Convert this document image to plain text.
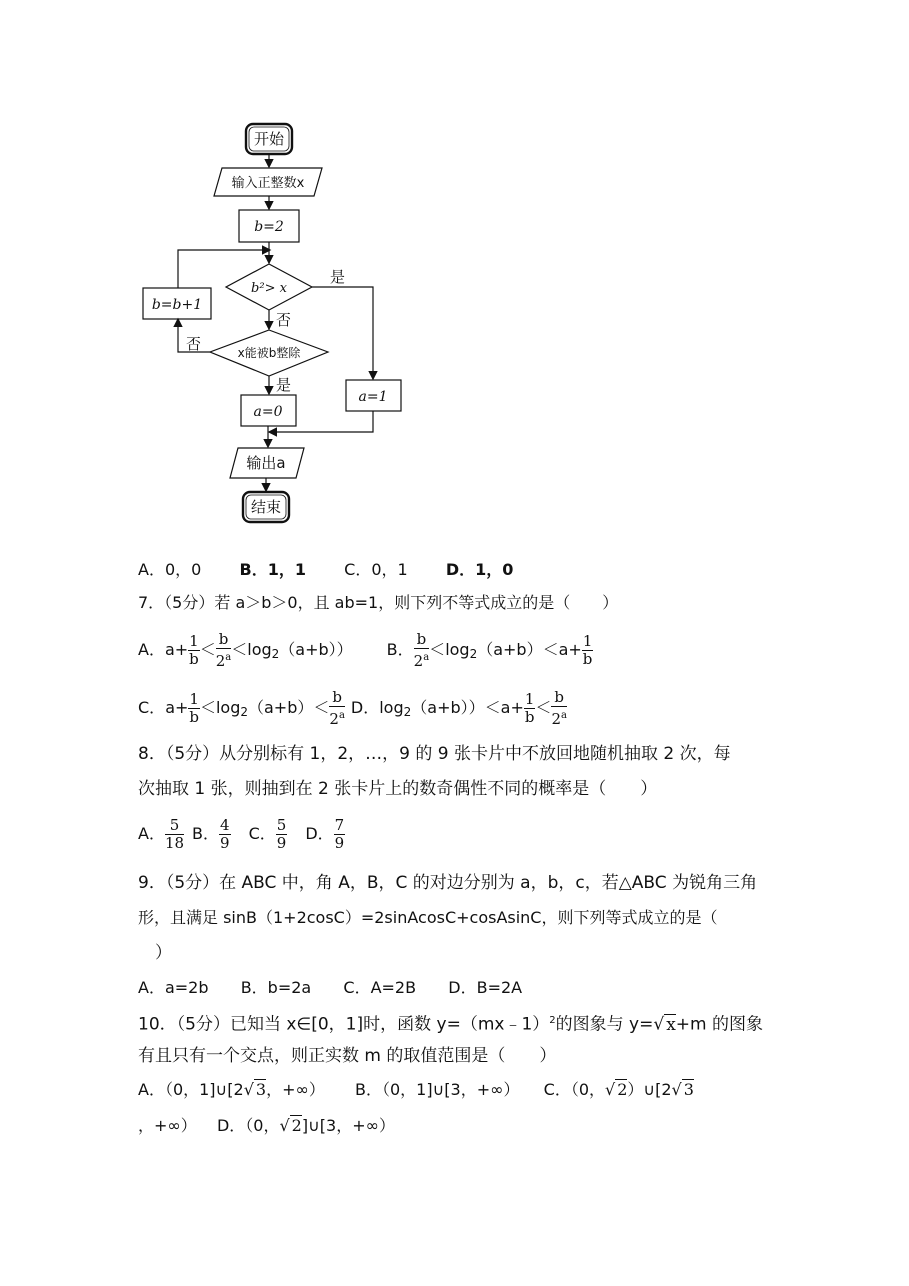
开始
输入正整数x
b=2
b²> x
是
否
x能被b整除
否
b=b+1
是
a=0
a=1
输出a
结束
A．0，0 B．1，1 C．0，1 D．1，0
7．（5分）若 a＞b＞0，且 ab=1，则下列不等式成立的是（　　）
A． $a+ \frac{1}{b} < \frac{b}{2^a} < \log 2$ （a+b）） B． $\frac{b}{2^a} < \log 2$ $(a+b) < a+ \frac{1}{b}$
C． $a+ \frac{1}{b} < \log 2$ $(a+b) < \frac{b}{2^a}$ D． log 2 $(a+b)) < a+ \frac{1}{b} < \frac{b}{2^a}$
8．（5分）从分别标有 1，2，…，9 的 9 张卡片中不放回地随机抽取 2 次，每
次抽取 1 张，则抽到在 2 张卡片上的数奇偶性不同的概率是（　　）
A． $\frac{5}{18}$ B． $\frac{4}{9}$ C． $\frac{5}{9}$ D． $\frac{7}{9}$
9．（5分）在 ABC 中，角 A，B，C 的对边分别为 a，b，c，若△ABC 为锐角三角
形，且满足 sinB（1+2cosC）=2sinAcosC+cosAsinC，则下列等式成立的是（
　）
A．a=2b B．b=2a C．A=2B D．B=2A
10．（5分）已知当 x∈[0，1]时，函数 y=（mx﹣1）$^2$的图象与 y=√ x+m 的图象
有且只有一个交点，则正实数 m 的取值范围是（　　）
A．（0，1]∪[2√ 3，+∞） B．（0，1]∪[3，+∞） C．（0，√ 2）∪[2√ 3
，+∞） D．（0，√ 2]∪[3，+∞）
